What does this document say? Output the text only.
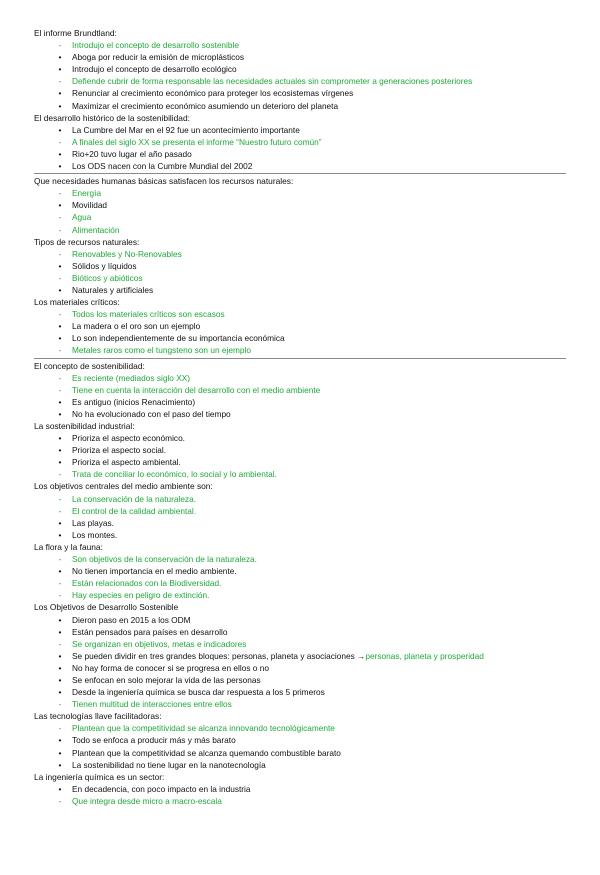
El informe Brundtland:
-	Introdujo el concepto de desarrollo sostenible
•	Aboga por reducir la emisión de microplásticos
•	Introdujo el concepto de desarrollo ecológico
-	Defiende cubrir de forma responsable las necesidades actuales sin comprometer a generaciones posteriores
•	Renunciar al crecimiento económico para proteger los ecosistemas vírgenes
•	Maximizar el crecimiento económico asumiendo un deterioro del planeta
El desarrollo histórico de la sostenibilidad:
•	La Cumbre del Mar en el 92 fue un acontecimiento importante
-	A finales del siglo XX se presenta el informe “Nuestro futuro común”
•	Rio+20 tuvo lugar el año pasado
•	Los ODS nacen con la Cumbre Mundial del 2002
Que necesidades humanas básicas satisfacen los recursos naturales:
-	Energía
•	Movilidad
-	Agua
-	Alimentación
Tipos de recursos naturales:
-	Renovables y No-Renovables
•	Sólidos y líquidos
-	Bióticos y abióticos
•	Naturales y artificiales
Los materiales críticos:
-	Todos los materiales críticos son escasos
•	La madera o el oro son un ejemplo
•	Lo son independientemente de su importancia económica
-	Metales raros como el tungsteno son un ejemplo
El concepto de sostenibilidad:
-	Es reciente (mediados siglo XX)
-	Tiene en cuenta la interacción del desarrollo con el medio ambiente
•	Es antiguo (inicios Renacimiento)
•	No ha evolucionado con el paso del tiempo
La sostenibilidad industrial:
•	Prioriza el aspecto económico.
•	Prioriza el aspecto social.
•	Prioriza el aspecto ambiental.
-	Trata de conciliar lo económico, lo social y lo ambiental.
Los objetivos centrales del medio ambiente son:
-	La conservación de la naturaleza.
-	El control de la calidad ambiental.
•	Las playas.
•	Los montes.
La flora y la fauna:
-	Son objetivos de la conservación de la naturaleza.
•	No tienen importancia en el medio ambiente.
-	Están relacionados con la Biodiversidad.
-	Hay especies en peligro de extinción.
Los Objetivos de Desarrollo Sostenible
•	Dieron paso en 2015 a los ODM
•	Están pensados para países en desarrollo
-	Se organizan en objetivos, metas e indicadores
•	Se pueden dividir en tres grandes bloques: personas, planeta y asociaciones →personas, planeta y prosperidad
•	No hay forma de conocer si se progresa en ellos o no
•	Se enfocan en solo mejorar la vida de las personas
•	Desde la ingeniería química se busca dar respuesta a los 5 primeros
-	Tienen multitud de interacciones entre ellos
Las tecnologías llave facilitadoras:
-	Plantean que la competitividad se alcanza innovando tecnológicamente
•	Todo se enfoca a producir más y más barato
•	Plantean que la competitividad se alcanza quemando combustible barato
•	La sostenibilidad no tiene lugar en la nanotecnología
La ingeniería química es un sector:
•	En decadencia, con poco impacto en la industria
-	Que integra desde micro a macro-escala
